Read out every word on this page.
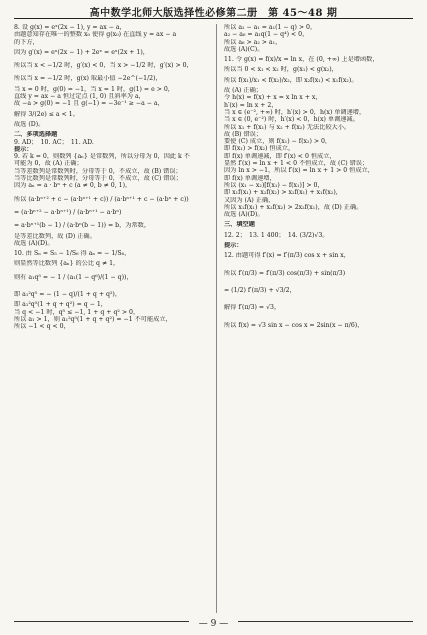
高中数学北师大版选择性必修第二册　第 45～48 期
8. 设 g(x) = eˣ(2x − 1), y = ax − a，
由题意知存在唯一的整数 x₀ 使得 g(x₀) 在直线 y = ax − a
的下方，
因为 g′(x) = eˣ(2x − 1) + 2eˣ = eˣ(2x + 1)，
所以当 x < −1/2 时，g′(x) < 0，当 x > −1/2 时，g′(x) > 0，
所以当 x = −1/2 时，g(x) 取最小值 −2e^(−1/2)，
当 x = 0 时，g(0) = −1，当 x = 1 时，g(1) = e > 0，
直线 y = ax − a 恒过定点 (1, 0) 且斜率为 a，
故 −a > g(0) = −1 且 g(−1) = −3e⁻¹ ≥ −a − a，
解得 3/(2e) ≤ a < 1。
故选 (D)。
二、多项选择题
9. AD；　10. AC；　11. AD.
提示：
9. 若 k = 0，则数列 {aₙ} 是常数列，所以分母为 0，因此 k 不
可能为 0，故 (A) 正确；
当等差数列是常数列时，分母等于 0，不成立，故 (B) 错误；
当等比数列是常数列时，分母等于 0，不成立，故 (C) 错误；
因为 aₙ = a · bⁿ + c (a ≠ 0, b ≠ 0, 1)，
所以 (a·bⁿ⁺² + c − (a·bⁿ⁺¹ + c)) / (a·bⁿ⁺¹ + c − (a·bⁿ + c))
= (a·bⁿ⁺² − a·bⁿ⁺¹) / (a·bⁿ⁺¹ − a·bⁿ)
= a·bⁿ⁺¹(b − 1) / (a·bⁿ(b − 1)) = b，为常数，
是等差比数列，故 (D) 正确。
故选 (A)(D)。
10. 由 Sₙ = S₅ − 1/S₆ 得 aₙ = − 1/S₆，
则显然等比数列 {aₙ} 的公比 q ≠ 1，
则有 a₁q⁵ = − 1 / (a₁(1 − q⁶)/(1 − q))，
即 a₁²q⁵ = − (1 − q)/(1 + q + q²)，
即 a₁²q⁵(1 + q + q²) = q − 1，
当 q < −1 时，q⁵ ≤ −1, 1 + q + q² > 0，
所以 a₁ > 1，则 a₁²q⁵(1 + q + q²) = −1 不可能成立，
所以 −1 < q < 0，
所以 a₂ − a₁ = a₁(1 − q) > 0，
a₂ − a₆ = a₁q(1 − q⁴) < 0，
所以 a₆ > a₂ > a₁，
故选 (A)(C)。
11. 令 g(x) = f(x)/x = ln x，在 (0, +∞) 上是增函数，
所以当 0 < x₁ < x₂ 时，g(x₁) < g(x₂)，
所以 f(x₁)/x₁ < f(x₂)/x₂，即 x₂f(x₁) < x₁f(x₂)。
故 (A) 正确；
令 h(x) = f(x) + x = x ln x + x，
h′(x) = ln x + 2，
当 x ∈ (e⁻², +∞) 时，h′(x) > 0，h(x) 单调递增，
当 x ∈ (0, e⁻²) 时，h′(x) < 0，h(x) 单调递减。
所以 x₁ + f(x₁) 与 x₂ + f(x₂) 无法比较大小。
故 (B) 错误；
要使 (C) 成立，则 f(x₁) − f(x₂) > 0，
即 f(x₁) > f(x₂) 恒成立，
即 f(x) 单调递减，即 f′(x) < 0 恒成立，
显然 f′(x) = ln x + 1 < 0 不恒成立，故 (C) 错误；
因为 ln x > −1，所以 f′(x) = ln x + 1 > 0 恒成立，
即 f(x) 单调递增，
所以 (x₁ − x₂)[f(x₁) − f(x₁)] > 0，
即 x₁f(x₁) + x₂f(x₂) > x₂f(x₁) + x₁f(x₂)，
又因为 (A) 正确，
所以 x₁f(x₁) + x₂f(x₂) > 2x₂f(x₁)，故 (D) 正确。
故选 (A)(D)。
三、填空题
12. 2；　13. 1 400；　14. (3/2)√3。
提示：
12. 由题可得 f′(x) = f′(π/3) cos x + sin x，
所以 f′(π/3) = f′(π/3) cos(π/3) + sin(π/3)
= (1/2) f′(π/3) + √3/2，
解得 f′(π/3) = √3，
所以 f(x) = √3 sin x − cos x = 2sin(x − π/6)，
— 9 —
